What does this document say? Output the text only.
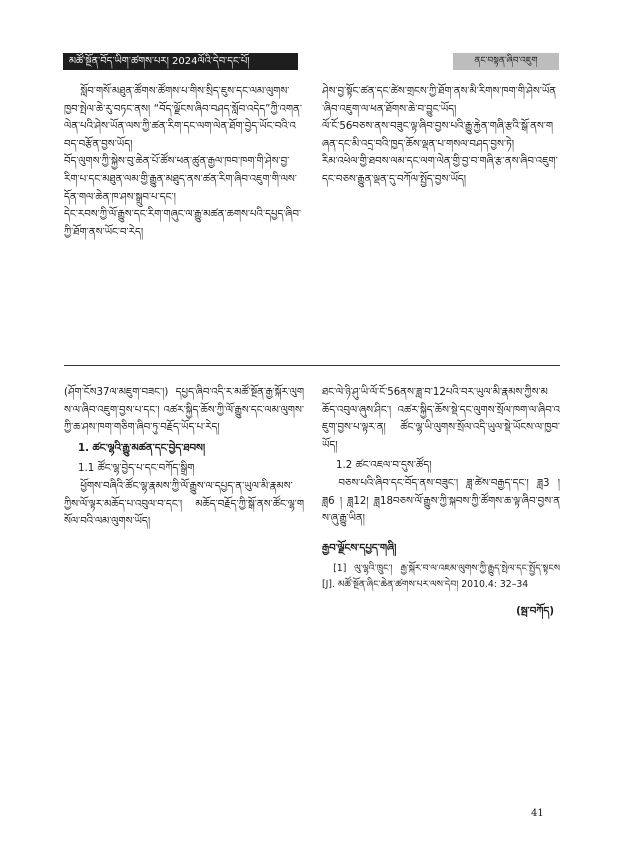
མཚོ་སྔོན་བོད་ཡིག་ཚགས་པར། 2024ལོའི་དེབ་དང་པོ།	ནང་བསྟན་ཞིབ་འཇུག

སློབ་གསོ་མཐུན་ཚོགས་ཚོགས་པ་གིས་སྲིད་ཇུས་དང་ལམ་ལུགས་ཁྱབ་སྤེལ་ཆེ་རུ་བཏང་ནས། “བོད་ལྗོངས་ཞིབ་བཤད་སློབ་འདེད”ཀྱི་འགན་ལེན་པའི་ཤེས་ཡོན་ལས་ཀྱི་ཚན་རིག་དང་ལག་ལེན་ཐོག་བྱེད་ཡོང་བའི་འབད་བརྩོན་བྱས་ཡོད།

བོད་ལུགས་ཀྱི་སྐྱེས་བུ་ཆེན་པོ་ཚོས་ཕན་ཚུན་རྒྱལ་ཁབ་ཁག་གི་ཤེས་བྱ་རིག་པ་དང་མཐུན་ལམ་གྱི་རྒྱུན་མཐུད་ནས་ཚན་རིག་ཞིབ་འཇུག་གི་ལས་དོན་གལ་ཆེན་ཁ་ཤས་སྒྲུབ་པ་དང་།

དེང་རབས་ཀྱི་ལོ་རྒྱུས་དང་རིག་གཞུང་ལ་རྒྱུ་མཚན་ཆགས་པའི་དཔྱད་ཞིབ་ཀྱི་ཐོག་ནས་ཡོང་བ་རེད།

ཤེས་བྱ་སྟོང་ཚན་དང་ཚེས་གྲངས་ཀྱི་ཐོག་ནས་མི་རིགས་ཁག་གི་ཤེས་ཡོན་ཞིབ་འཇུག་ལ་ཕན་ཐོགས་ཆེ་བ་བྱུང་ཡོད།

ལོ་ངོ་56བཅས་ནས་བཟུང་ལྟ་ཞིབ་བྱས་པའི་རྒྱུ་རྐྱེན་གཞི་རྩའི་སྒོ་ནས་གཞན་དང་མི་འདྲ་བའི་ཁྱད་ཆོས་ལྡན་པ་གསལ་བཤད་བྱས་ཏེ།

རིམ་འཕེལ་གྱི་ཐབས་ལམ་དང་ལག་ལེན་གྱི་བྱ་བ་གཞི་རྩ་ནས་ཞིབ་འཇུག་དང་བཅས་རྒྱུན་ལྡན་དུ་བཀོལ་སྤྱོད་བྱས་ཡོད།

(ཤོག་ངོས37ལ་མཇུག་བཟང་།) དཔྱད་ཞིབ་འདི་ར་མཚོ་སྔོན་རྒྱ་སྐོར་ལུགས་ལ་ཞིབ་འཇུག་བྱས་པ་དང་། འཚར་སྐྱིད་ཆོས་ཀྱི་ལོ་རྒྱུས་དང་ལམ་ལུགས་ཀྱི་ཆ་ཤས་ཁག་གཅིག་ཞིབ་ཏུ་བརྗོད་ཡོད་པ་རེད།

1. ཚང་ལྷའི་རྒྱུ་མཚན་དང་བྱེད་ཐབས།

1.1 ཚོང་ལྷ་བྱེད་པ་དང་བཀོད་སྒྲིག

ཕྱོགས་བཞིའི་ཚོང་ལྷ་རྣམས་ཀྱི་ལོ་རྒྱུས་ལ་དཔྱད་ན་ཡུལ་མི་རྣམས་ཀྱིས་ལོ་ལྟར་མཆོད་པ་འབུལ་བ་དང་། མཆོད་བརྗོད་ཀྱི་སྒོ་ནས་ཚོང་ལྷ་གསོལ་བའི་ལམ་ལུགས་ཡོད།

ཐང་ལེ་ཉི་ཤུ་ཡི་ལོ་ངོ་56ནས་ཟླ་བ་12པའི་བར་ཡུལ་མི་རྣམས་ཀྱིས་མཆོད་འབུལ་ཞུས་ཤིང་། འཚར་སྐྱིད་ཆོས་སྡེ་དང་ལུགས་སྲོལ་ཁག་ལ་ཞིབ་འཇུག་བྱས་པ་ལྟར་ན། ཚོང་ལྷ་ཡི་ལུགས་སྲོལ་འདི་ཡུལ་སྡེ་ཡོངས་ལ་ཁྱབ་ཡོད།

1.2 ཚང་འཇལ་བ་དུས་ཚོད།

བཅས་པའི་ཞིབ་དང་བོད་ནས་བཟུང་། ཟླ་ཚེས་བརྒྱད་དང་། ཟླ3 ། ཟླ6 ། ཟླ12། ཟླ18བཅས་ལོ་རྒྱུས་ཀྱི་སྐབས་ཀྱི་ཚོགས་ཆ་ལྟ་ཞིབ་བྱས་ནས་ཞུ་རྒྱུ་ཡིན།

རྒྱབ་ལྗོངས་དཔྱད་གཞི།

[1] ལུ་ལྷའི་ཁྲུང་། རྒྱ་སྐོར་བ་ལ་འཇམ་ལུགས་ཀྱི་རྒྱུད་སྤེལ་དང་སྤྱོད་སྟངས [J]. མཚོ་སྔོན་ཞིང་ཆེན་ཚགས་པར་ལས་དེབ། 2010.4: 32–34

(སྦ་བཀོད)

41
